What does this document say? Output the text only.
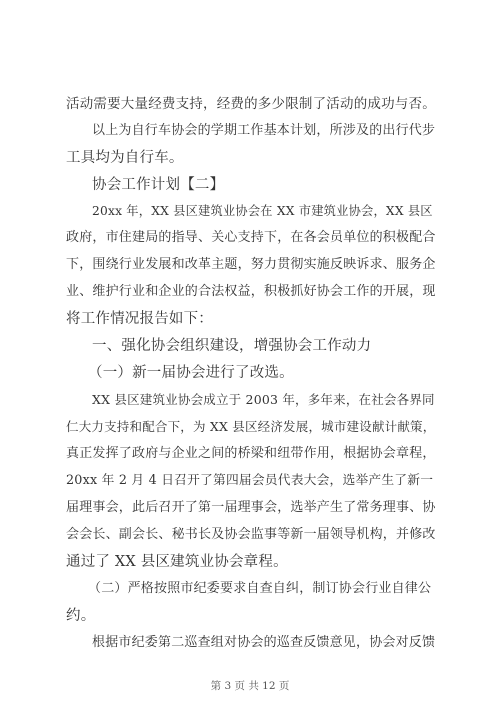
活动需要大量经费支持，经费的多少限制了活动的成功与否。
以上为自行车协会的学期工作基本计划，所涉及的出行代步
工具均为自行车。
协会工作计划【二】
20xx 年，XX 县区建筑业协会在 XX 市建筑业协会，XX 县区
政府，市住建局的指导、关心支持下，在各会员单位的积极配合
下，围绕行业发展和改革主题，努力贯彻实施反映诉求、服务企
业、维护行业和企业的合法权益，积极抓好协会工作的开展，现
将工作情况报告如下：
一、强化协会组织建设，增强协会工作动力
（一）新一届协会进行了改选。
XX 县区建筑业协会成立于 2003 年，多年来，在社会各界同
仁大力支持和配合下，为 XX 县区经济发展，城市建设献计献策，
真正发挥了政府与企业之间的桥梁和纽带作用，根据协会章程，
20xx 年 2 月 4 日召开了第四届会员代表大会，选举产生了新一
届理事会，此后召开了第一届理事会，选举产生了常务理事、协
会会长、副会长、秘书长及协会监事等新一届领导机构，并修改
通过了 XX 县区建筑业协会章程。
（二）严格按照市纪委要求自查自纠，制订协会行业自律公
约。
根据市纪委第二巡查组对协会的巡查反馈意见，协会对反馈
第 3 页 共 12 页
